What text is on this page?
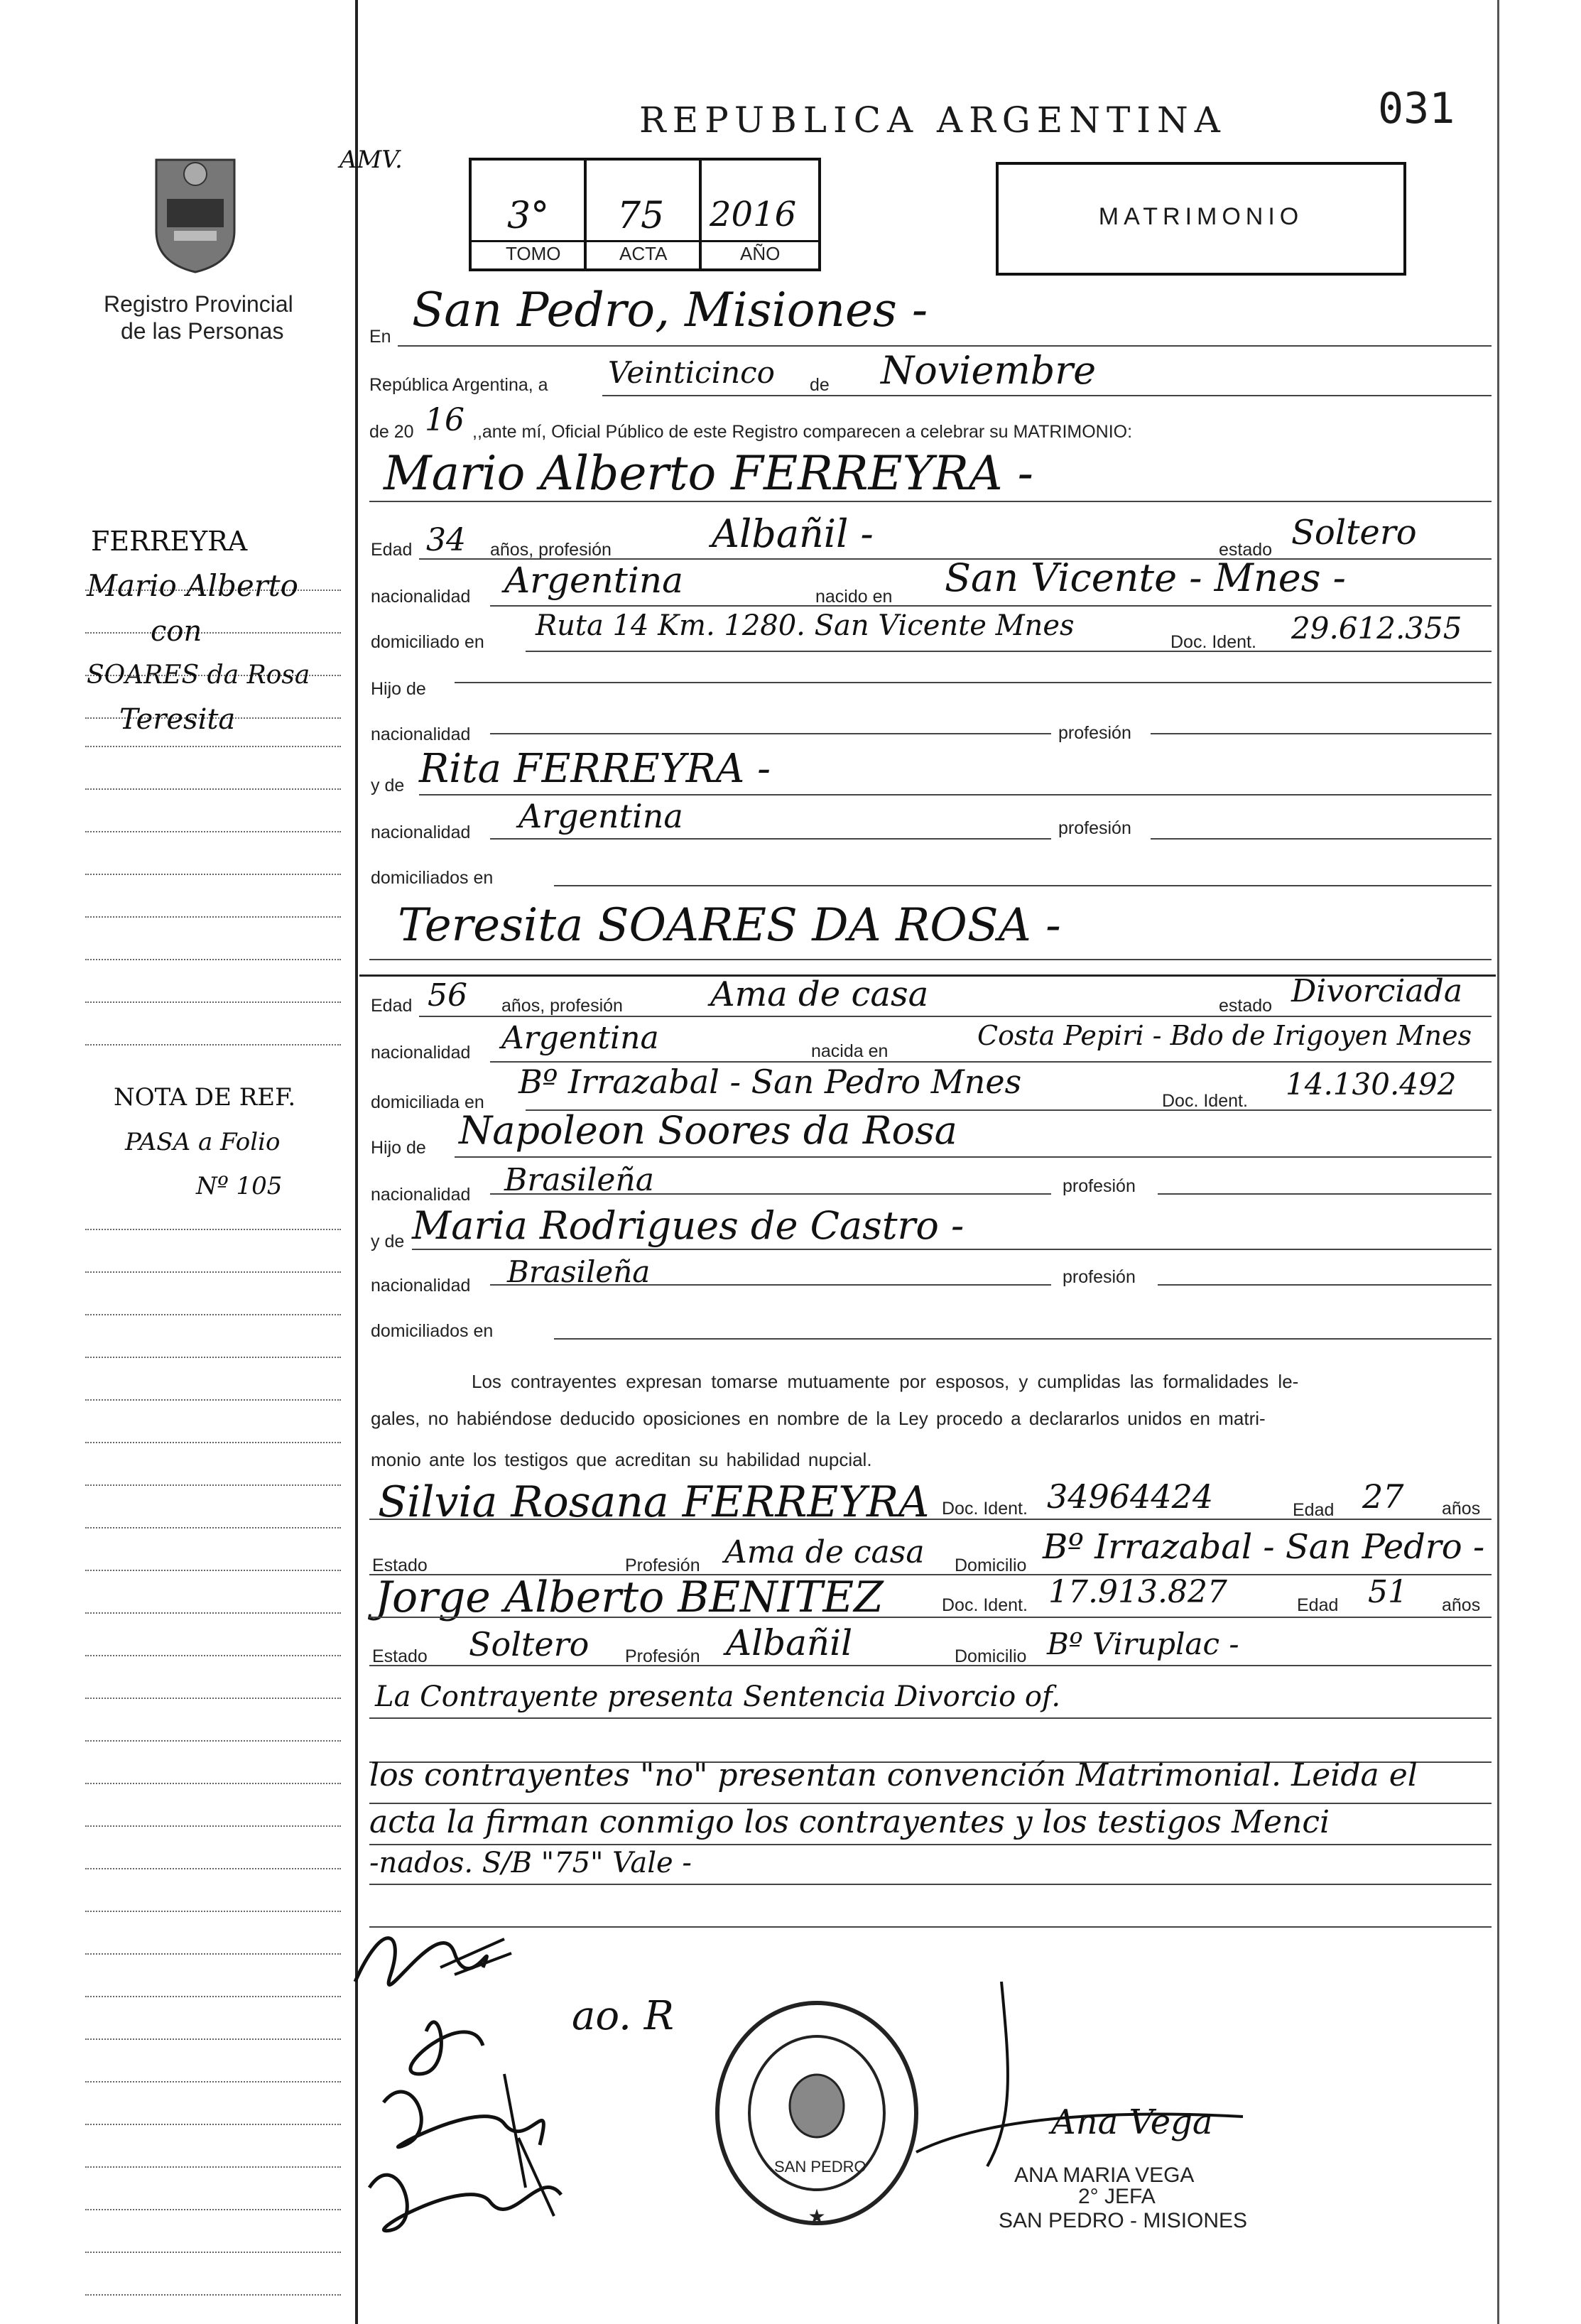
Registro Provincial
de las Personas
REPUBLICA ARGENTINA	031
AMV.
3° 75 2016
TOMO	ACTA	AÑO
MATRIMONIO
FERREYRA
Mario Alberto
con
SOARES da Rosa
Teresita
NOTA DE REF.
PASA a Folio
Nº 105
En San Pedro, Misiones -
República Argentina, a Veinticinco de Noviembre
de 20 16 ,,ante mí, Oficial Público de este Registro comparecen a celebrar su MATRIMONIO:
Mario Alberto FERREYRA -
Edad 34 años, profesión	Albañil -	estado Soltero
nacionalidad Argentina	nacido en San Vicente - Mnes -
domiciliado en Ruta 14 Km. 1280. San Vicente Mnes	Doc. Ident. 29.612.355
Hijo de
nacionalidad	profesión
y de Rita FERREYRA -
nacionalidad Argentina	profesión
domiciliados en
Teresita SOARES DA ROSA -
Edad 56 años, profesión	Ama de casa	estado Divorciada
nacionalidad Argentina	nacida en	Costa Pepiri - Bdo de Irigoyen Mnes
domiciliada en
Bº Irrazabal - San Pedro Mnes	Doc. Ident. 14.130.492
Hijo de Napoleon Soores da Rosa
nacionalidad Brasileña	profesión
y de Maria Rodrigues de Castro -
nacionalidad Brasileña	profesión
domiciliados en
Los contrayentes expresan tomarse mutuamente por esposos, y cumplidas las formalidades le-
gales, no habiéndose deducido oposiciones en nombre de la Ley procedo a declararlos unidos en matri-
monio ante los testigos que acreditan su habilidad nupcial.
Silvia Rosana FERREYRA Doc. Ident. 34964424	Edad 27 años
Estado	Profesión Ama de casa Domicilio Bº Irrazabal - San Pedro -
Jorge Alberto BENITEZ	Doc. Ident. 17.913.827	Edad 51 años
Estado Soltero Profesión Albañil	Domicilio Bº Viruplac -
La Contrayente presenta Sentencia Divorcio of.
los contrayentes "no" presentan convención Matrimonial. Leida el
acta la firman conmigo los contrayentes y los testigos Menci
-nados. S/B "75" Vale -
ao. R
★
SAN PEDRO
Ana Vega
ANA MARIA VEGA
2° JEFA
SAN PEDRO - MISIONES
